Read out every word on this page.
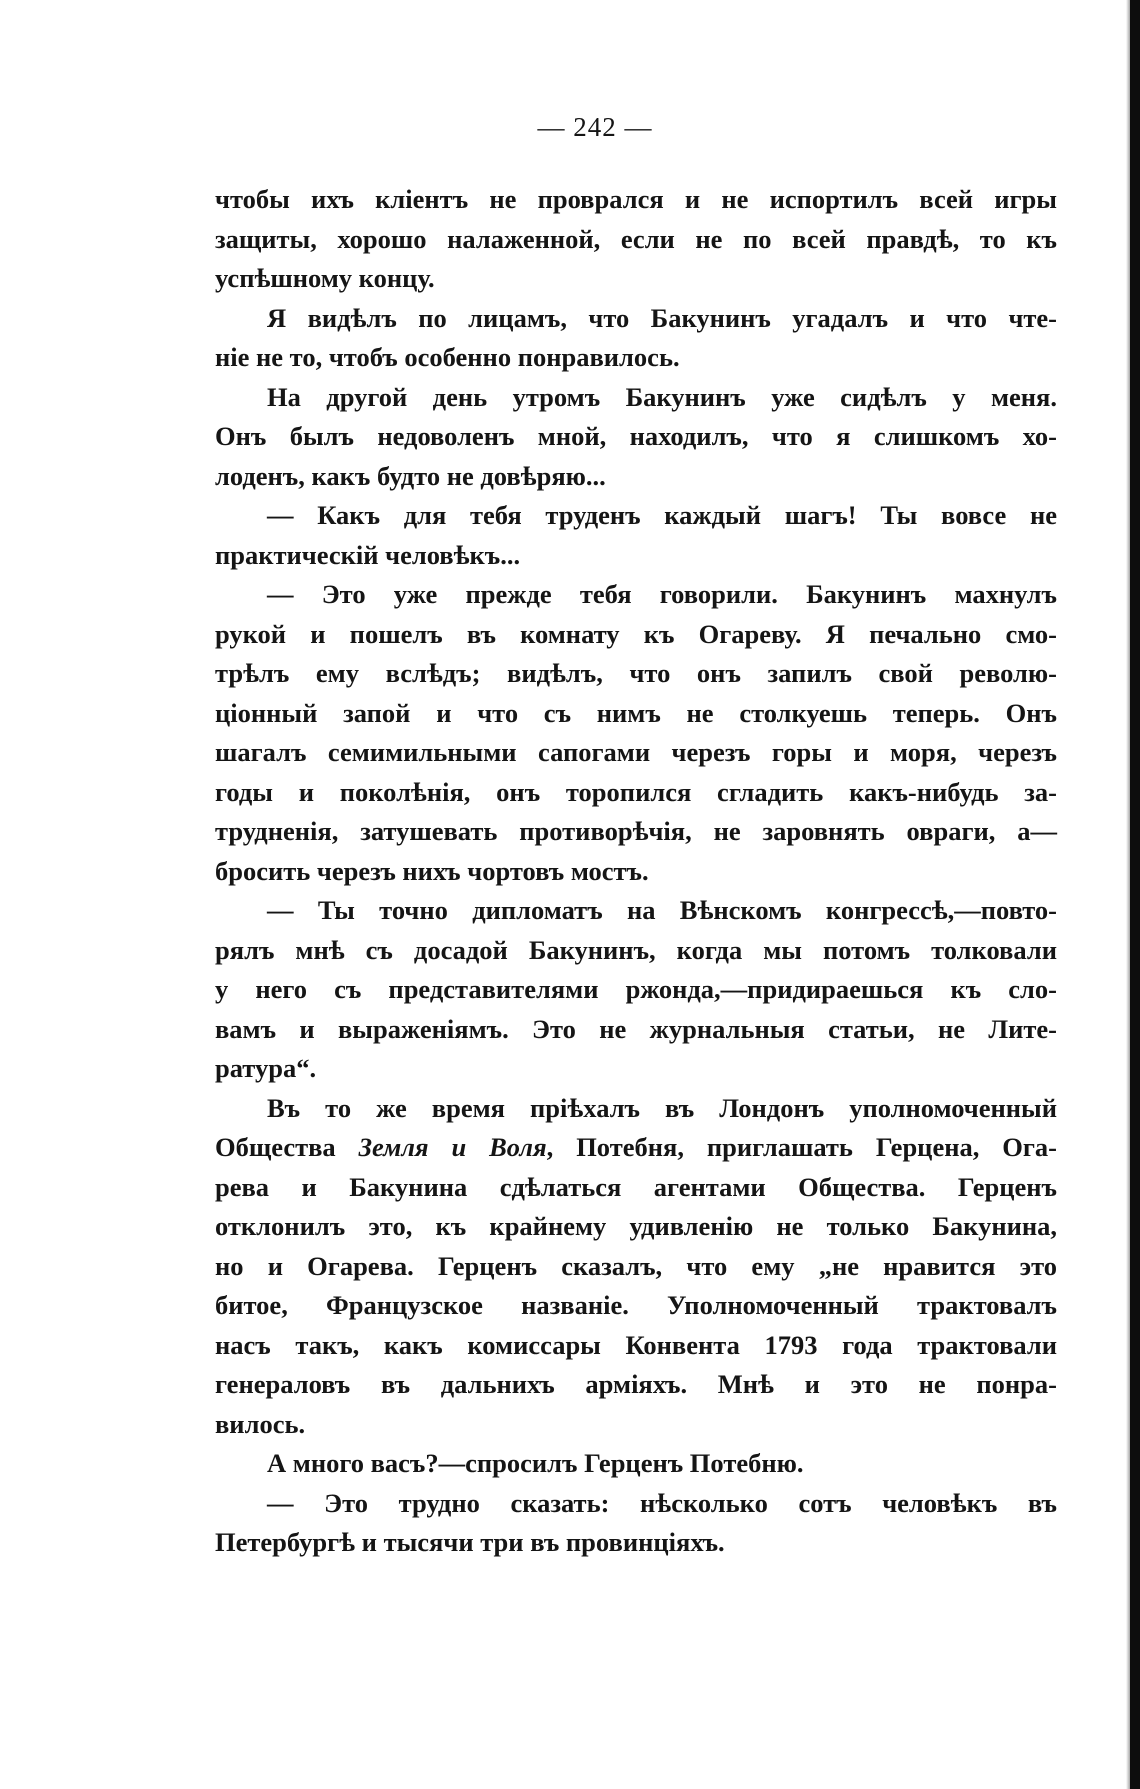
— 242 —
чтобы ихъ кліентъ не проврался и не испортилъ всей игры
защиты, хорошо налаженной, если не по всей правдѣ, то къ
успѣшному концу.
Я видѣлъ по лицамъ, что Бакунинъ угадалъ и что чте-
ніе не то, чтобъ особенно понравилось.
На другой день утромъ Бакунинъ уже сидѣлъ у меня.
Онъ былъ недоволенъ мной, находилъ, что я слишкомъ хо-
лоденъ, какъ будто не довѣряю...
— Какъ для тебя труденъ каждый шагъ! Ты вовсе не
практическій человѣкъ...
— Это уже прежде тебя говорили. Бакунинъ махнулъ
рукой и пошелъ въ комнату къ Огареву. Я печально смо-
трѣлъ ему вслѣдъ; видѣлъ, что онъ запилъ свой револю-
ціонный запой и что съ нимъ не столкуешь теперь. Онъ
шагалъ семимильными сапогами черезъ горы и моря, черезъ
годы и поколѣнія, онъ торопился сгладить какъ-нибудь за-
трудненія, затушевать противорѣчія, не заровнять овраги, а—
бросить черезъ нихъ чортовъ мостъ.
— Ты точно дипломатъ на Вѣнскомъ конгрессѣ,—повто-
рялъ мнѣ съ досадой Бакунинъ, когда мы потомъ толковали
у него съ представителями ржонда,—придираешься къ сло-
вамъ и выраженіямъ. Это не журнальныя статьи, не Лите-
ратура“.
Въ то же время пріѣхалъ въ Лондонъ уполномоченный
Общества Земля и Воля, Потебня, приглашать Герцена, Ога-
рева и Бакунина сдѣлаться агентами Общества. Герценъ
отклонилъ это, къ крайнему удивленію не только Бакунина,
но и Огарева. Герценъ сказалъ, что ему „не нравится это
битое, Французское названіе. Уполномоченный трактовалъ
насъ такъ, какъ комиссары Конвента 1793 года трактовали
генераловъ въ дальнихъ арміяхъ. Мнѣ и это не понра-
вилось.
А много васъ?—спросилъ Герценъ Потебню.
— Это трудно сказать: нѣсколько сотъ человѣкъ въ
Петербургѣ и тысячи три въ провинціяхъ.
